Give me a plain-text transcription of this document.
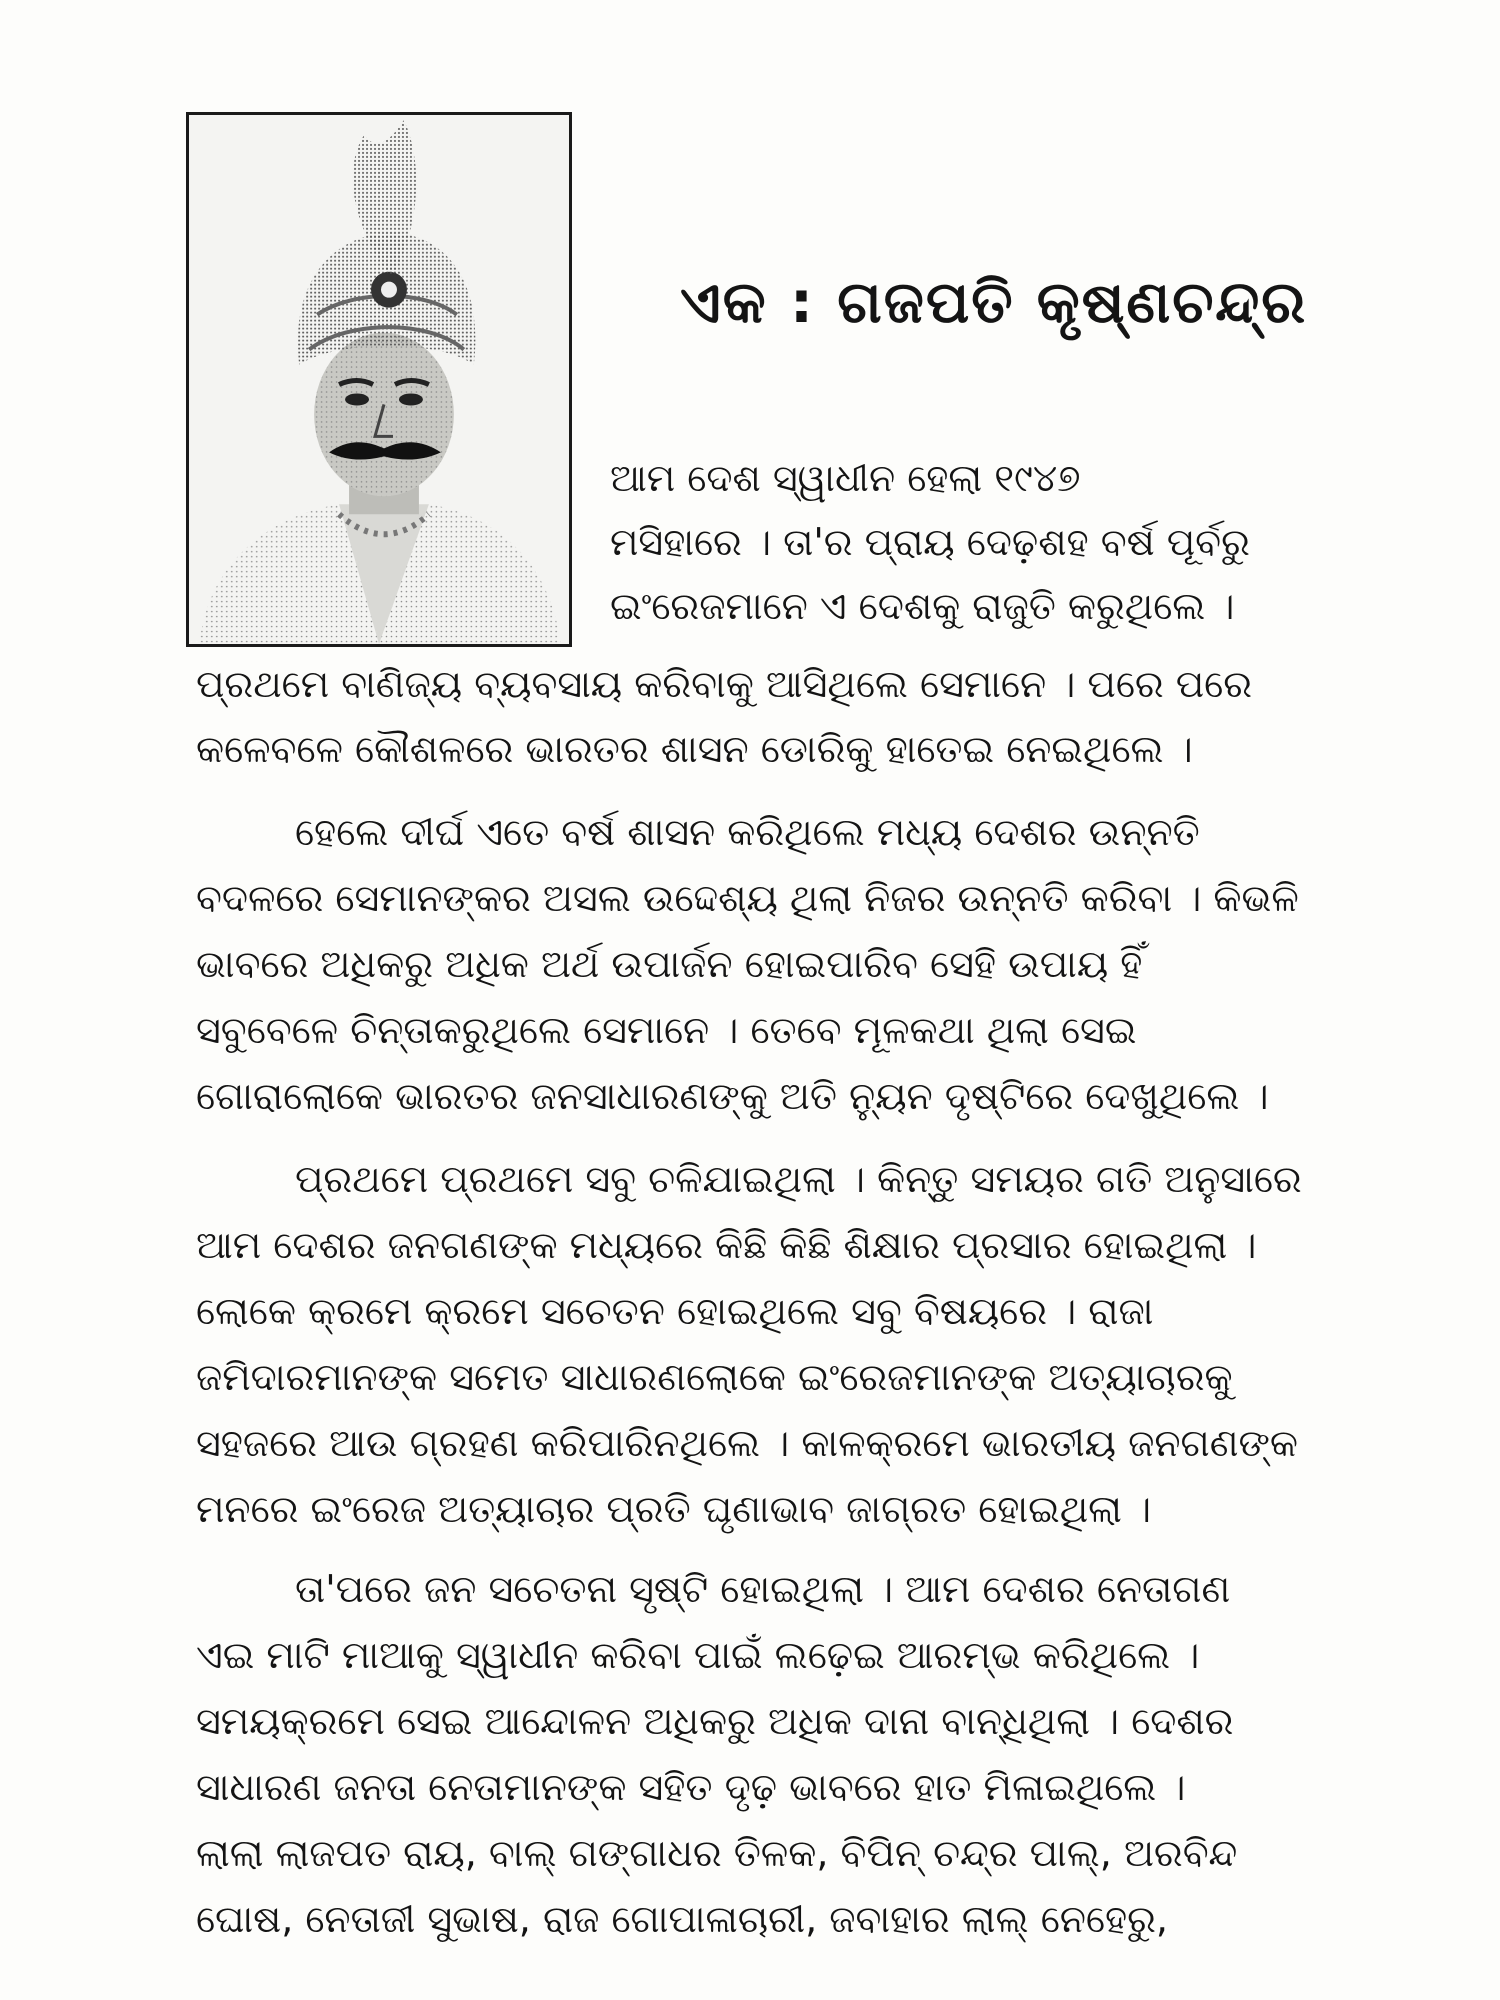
ଏକ : ଗଜପତି କୃଷ୍ଣଚନ୍ଦ୍ର
ଆମ ଦେଶ ସ୍ୱାଧୀନ ହେଲା ୧୯୪୭
ମସିହାରେ । ତା'ର ପ୍ରାୟ ଦେଢ଼ଶହ ବର୍ଷ ପୂର୍ବରୁ
ଇଂରେଜମାନେ ଏ ଦେଶକୁ ରାଜୁତି କରୁଥିଲେ ।
ପ୍ରଥମେ ବାଣିଜ୍ୟ ବ୍ୟବସାୟ କରିବାକୁ ଆସିଥିଲେ ସେମାନେ । ପରେ ପରେ
କଳେବଳେ କୌଶଳରେ ଭାରତର ଶାସନ ଡୋରିକୁ ହାତେଇ ନେଇଥିଲେ ।
ହେଲେ ଦୀର୍ଘ ଏତେ ବର୍ଷ ଶାସନ କରିଥିଲେ ମଧ୍ୟ ଦେଶର ଉନ୍ନତି
ବଦଳରେ ସେମାନଙ୍କର ଅସଲ ଉଦ୍ଦେଶ୍ୟ ଥିଲା ନିଜର ଉନ୍ନତି କରିବା । କିଭଳି
ଭାବରେ ଅଧିକରୁ ଅଧିକ ଅର୍ଥ ଉପାର୍ଜନ ହୋଇପାରିବ ସେହି ଉପାୟ ହିଁ
ସବୁବେଳେ ଚିନ୍ତାକରୁଥିଲେ ସେମାନେ । ତେବେ ମୂଳକଥା ଥିଲା ସେଇ
ଗୋରାଲୋକେ ଭାରତର ଜନସାଧାରଣଙ୍କୁ ଅତି ନ୍ୟୁନ ଦୃଷ୍ଟିରେ ଦେଖୁଥିଲେ ।
ପ୍ରଥମେ ପ୍ରଥମେ ସବୁ ଚଳିଯାଇଥିଲା । କିନ୍ତୁ ସମୟର ଗତି ଅନୁସାରେ
ଆମ ଦେଶର ଜନଗଣଙ୍କ ମଧ୍ୟରେ କିଛି କିଛି ଶିକ୍ଷାର ପ୍ରସାର ହୋଇଥିଲା ।
ଲୋକେ କ୍ରମେ କ୍ରମେ ସଚେତନ ହୋଇଥିଲେ ସବୁ ବିଷୟରେ । ରାଜା
ଜମିଦାରମାନଙ୍କ ସମେତ ସାଧାରଣଲୋକେ ଇଂରେଜମାନଙ୍କ ଅତ୍ୟାଚାରକୁ
ସହଜରେ ଆଉ ଗ୍ରହଣ କରିପାରିନଥିଲେ । କାଳକ୍ରମେ ଭାରତୀୟ ଜନଗଣଙ୍କ
ମନରେ ଇଂରେଜ ଅତ୍ୟାଚାର ପ୍ରତି ଘୃଣାଭାବ ଜାଗ୍ରତ ହୋଇଥିଲା ।
ତା'ପରେ ଜନ ସଚେତନା ସୃଷ୍ଟି ହୋଇଥିଲା । ଆମ ଦେଶର ନେତାଗଣ
ଏଇ ମାଟି ମାଆକୁ ସ୍ୱାଧୀନ କରିବା ପାଇଁ ଲଢ଼େଇ ଆରମ୍ଭ କରିଥିଲେ ।
ସମୟକ୍ରମେ ସେଇ ଆନ୍ଦୋଳନ ଅଧିକରୁ ଅଧିକ ଦାନା ବାନ୍ଧିଥିଲା । ଦେଶର
ସାଧାରଣ ଜନତା ନେତାମାନଙ୍କ ସହିତ ଦୃଢ଼ ଭାବରେ ହାତ ମିଳାଇଥିଲେ ।
ଲାଲା ଲାଜପତ ରାୟ, ବାଲ୍ ଗଙ୍ଗାଧର ତିଳକ, ବିପିନ୍ ଚନ୍ଦ୍ର ପାଲ୍, ଅରବିନ୍ଦ
ଘୋଷ, ନେତାଜୀ ସୁଭାଷ, ରାଜ ଗୋପାଳାଚାରୀ, ଜବାହାର ଲାଲ୍ ନେହେରୁ,
